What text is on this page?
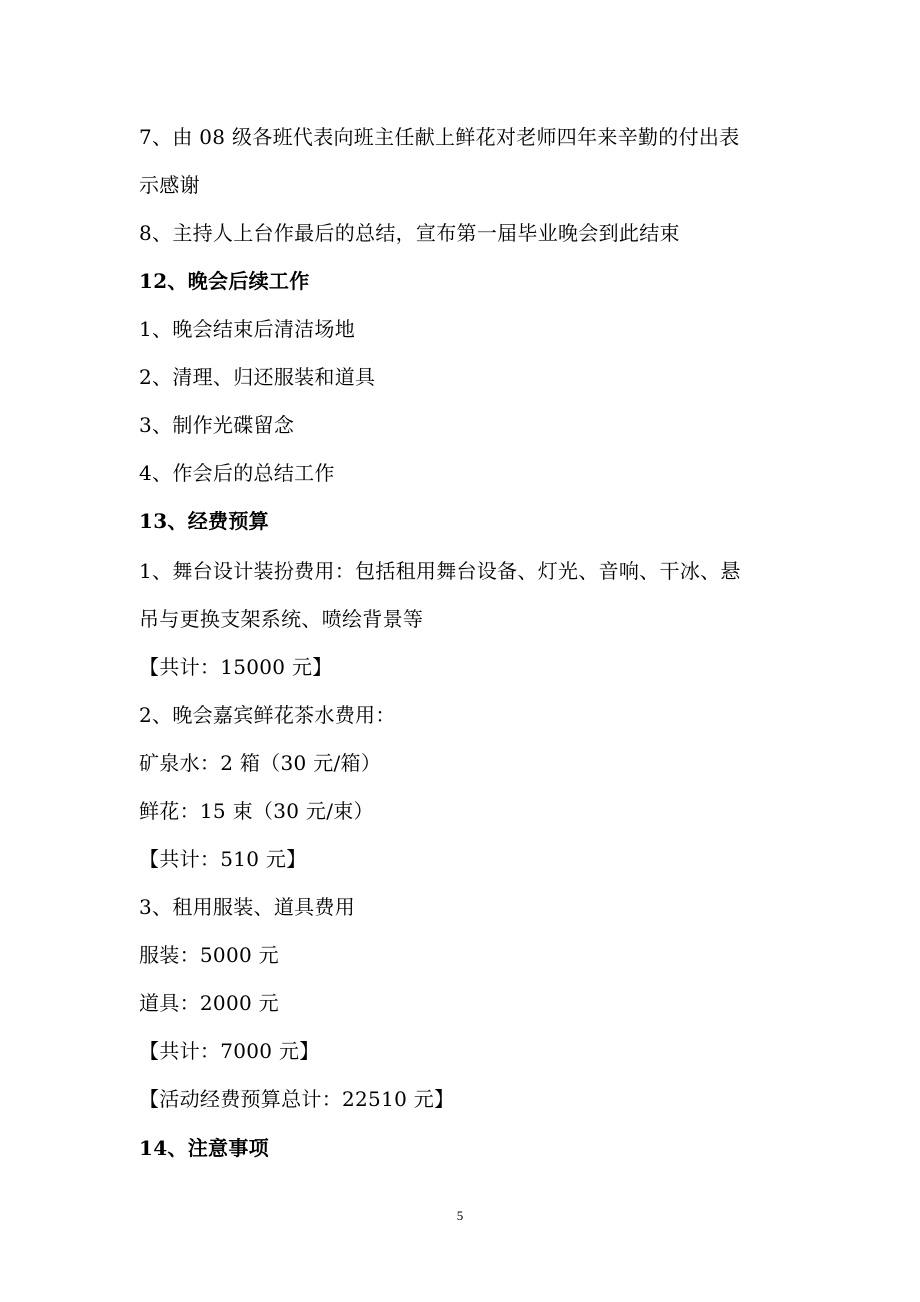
7、由 08 级各班代表向班主任献上鲜花对老师四年来辛勤的付出表
示感谢
8、主持人上台作最后的总结，宣布第一届毕业晚会到此结束
12、晚会后续工作
1、晚会结束后清洁场地
2、清理、归还服装和道具
3、制作光碟留念
4、作会后的总结工作
13、经费预算
1、舞台设计装扮费用：包括租用舞台设备、灯光、音响、干冰、悬
吊与更换支架系统、喷绘背景等
【共计：15000 元】
2、晚会嘉宾鲜花茶水费用：
矿泉水：2 箱（30 元/箱）
鲜花：15 束（30 元/束）
【共计：510 元】
3、租用服装、道具费用
服装：5000 元
道具：2000 元
【共计：7000 元】
【活动经费预算总计：22510 元】
14、注意事项
5
